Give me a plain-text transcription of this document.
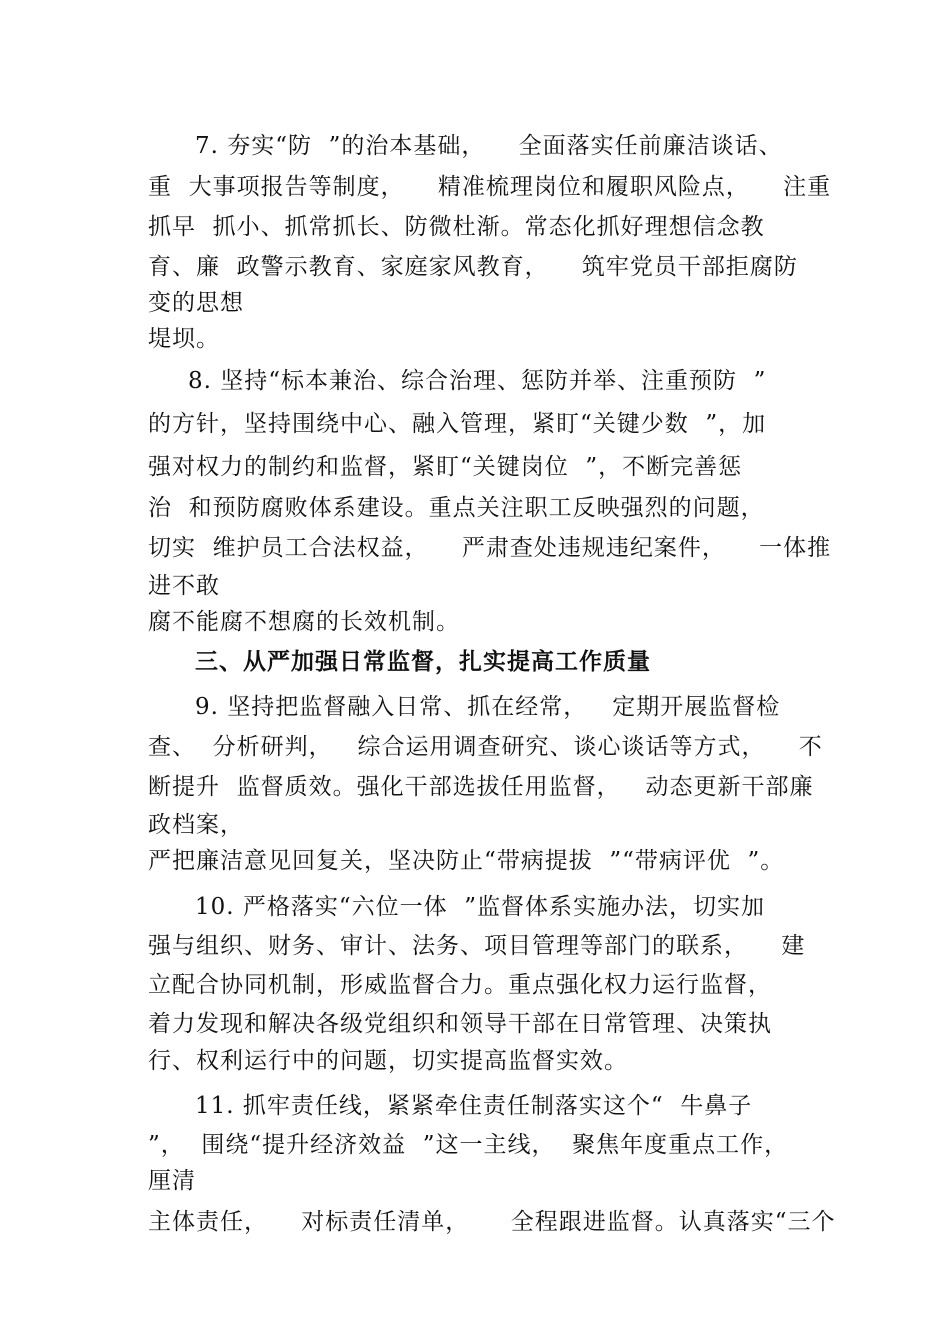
7. 夯实“防  ”的治本基础，    全面落实任前廉洁谈话、
重  大事项报告等制度，    精准梳理岗位和履职风险点，    注重
抓早  抓小、抓常抓长、防微杜渐。常态化抓好理想信念教
育、廉  政警示教育、家庭家风教育，    筑牢党员干部拒腐防
变的思想
堤坝。
8. 坚持“标本兼治、综合治理、惩防并举、注重预防  ”
的方针，坚持围绕中心、融入管理，紧盯“关键少数  ”，加
强对权力的制约和监督，紧盯“关键岗位  ”，不断完善惩
治  和预防腐败体系建设。重点关注职工反映强烈的问题，
切实  维护员工合法权益，    严肃查处违规违纪案件，    一体推
进不敢
腐不能腐不想腐的长效机制。
三、从严加强日常监督，扎实提高工作质量
9. 坚持把监督融入日常、抓在经常，   定期开展监督检
查、  分析研判，   综合运用调查研究、谈心谈话等方式，    不
断提升  监督质效。强化干部选拔任用监督，   动态更新干部廉
政档案，
严把廉洁意见回复关，坚决防止“带病提拔  ”“带病评优  ”。
10. 严格落实“六位一体  ”监督体系实施办法，切实加
强与组织、财务、审计、法务、项目管理等部门的联系，    建
立配合协同机制，形威监督合力。重点强化权力运行监督，
着力发现和解决各级党组织和领导干部在日常管理、决策执
行、权利运行中的问题，切实提高监督实效。
11. 抓牢责任线，紧紧牵住责任制落实这个“  牛鼻子
”，  围绕“提升经济效益  ”这一主线，  聚焦年度重点工作，
厘清
主体责任，    对标责任清单，     全程跟进监督。认真落实“三个
